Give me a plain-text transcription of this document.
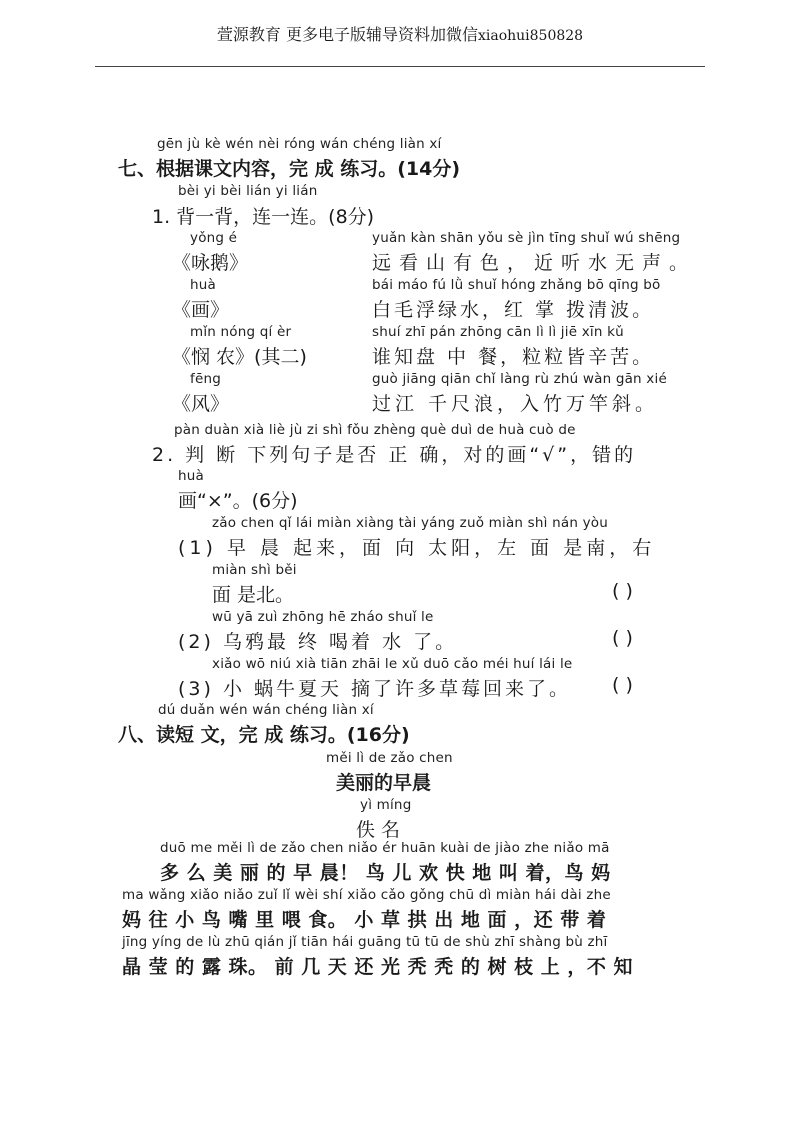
萱源教育 更多电子版辅导资料加微信xiaohui850828
gēn jù kè wén nèi róng wán chéng liàn xí
七、根据课文内容，完 成 练习。(14分)
bèi yi bèi lián yi lián
1. 背一背，连一连。(8分)
yǒng é
《咏鹅》
yuǎn kàn shān yǒu sè jìn tīng shuǐ wú shēng
远看山有色，近听水无声。
huà
《画》
bái máo fú lǜ shuǐ hóng zhǎng bō qīng bō
白毛浮绿水，红 掌 拨清波。
mǐn nóng qí èr
《悯 农》(其二)
shuí zhī pán zhōng cān lì lì jiē xīn kǔ
谁知盘 中 餐，粒粒皆辛苦。
fēng
《风》
guò jiāng qiān chǐ làng rù zhú wàn gān xié
过江 千尺浪，入竹万竿斜。
pàn duàn xià liè jù zi shì fǒu zhèng què duì de huà cuò de
2. 判 断 下列句子是否 正 确，对的画“√”，错的
huà
画“×”。(6分)
zǎo chen qǐ lái miàn xiàng tài yáng zuǒ miàn shì nán yòu
(1) 早 晨 起来，面 向 太阳，左 面 是南，右
miàn shì běi
面 是北。	( )
wū yā zuì zhōng hē zháo shuǐ le
(2) 乌鸦最 终 喝着 水 了。	( )
xiǎo wō niú xià tiān zhāi le xǔ duō cǎo méi huí lái le
(3) 小 蜗牛夏天 摘了许多草莓回来了。 ( )
dú duǎn wén wán chéng liàn xí
八、读短 文，完 成 练习。(16分)
měi lì de zǎo chen
美丽的早晨
yì míng
佚 名
duō me měi lì de zǎo chen niǎo ér huān kuài de jiào zhe niǎo mā
多 么 美 丽 的 早 晨！ 鸟 儿 欢 快 地 叫 着，鸟 妈
ma wǎng xiǎo niǎo zuǐ lǐ wèi shí xiǎo cǎo gǒng chū dì miàn hái dài zhe
妈 往 小 鸟 嘴 里 喂 食。 小 草 拱 出 地 面 ，还 带 着
jīng yíng de lù zhū qián jǐ tiān hái guāng tū tū de shù zhī shàng bù zhī
晶 莹 的 露 珠。 前 几 天 还 光 秃 秃 的 树 枝 上 ，不 知
